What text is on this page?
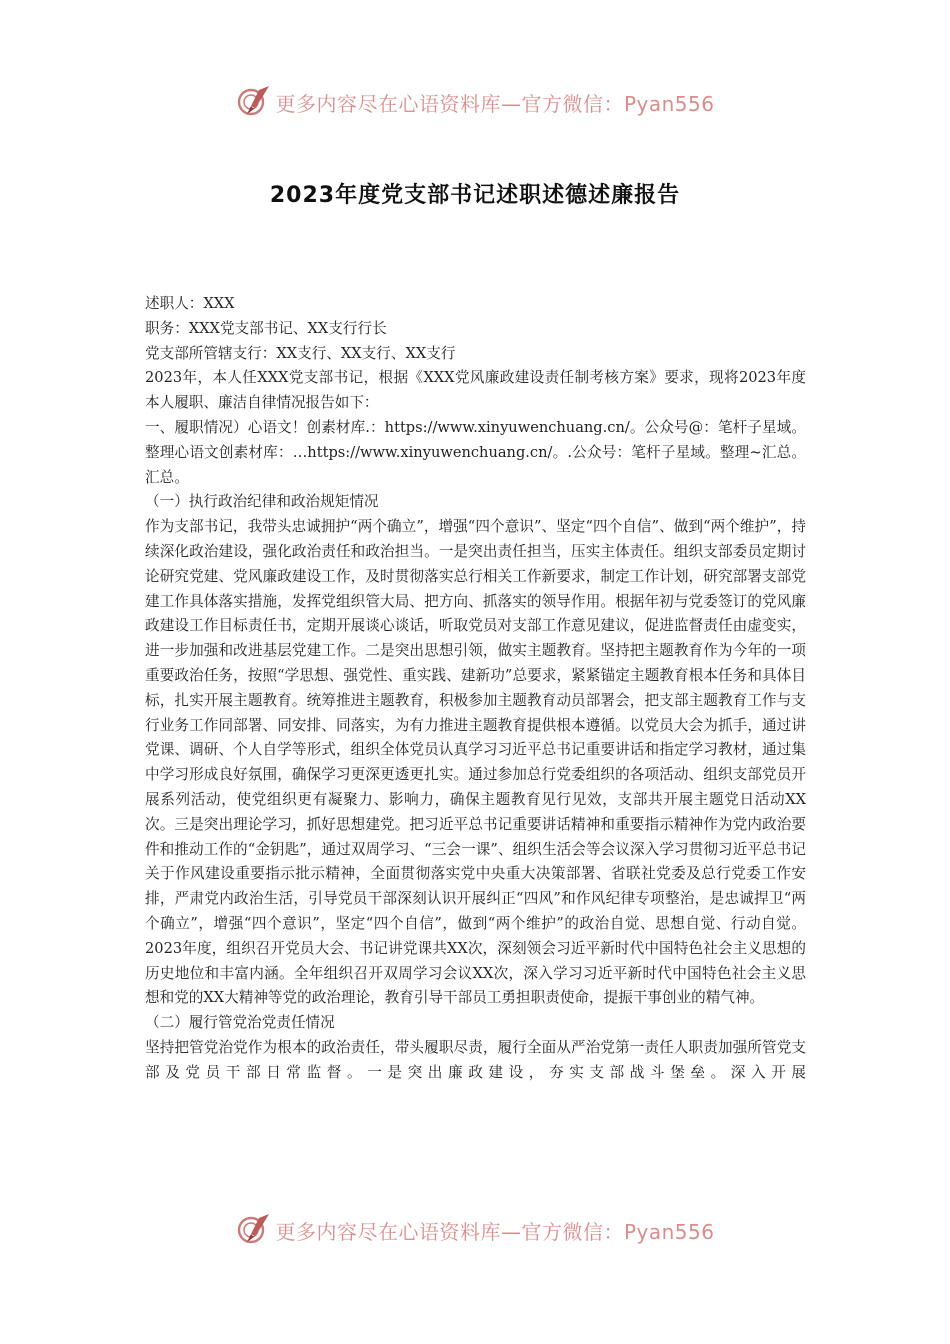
更多内容尽在心语资料库—官方微信：Pyan556
2023年度党支部书记述职述德述廉报告

述职人：XXX

职务：XXX党支部书记、XX支行行长

党支部所管辖支行：XX支行、XX支行、XX支行

2023年，本人任XXX党支部书记，根据《XXX党风廉政建设责任制考核方案》要求，现将2023年度本人履职、廉洁自律情况报告如下：

一、履职情况）心语文！创素材库.：https://www.xinyuwenchuang.cn/。公众号@：笔杆子星域。整理心语文创素材库：…https://www.xinyuwenchuang.cn/。.公众号：笔杆子星域。整理~汇总。汇总。

（一）执行政治纪律和政治规矩情况

作为支部书记，我带头忠诚拥护“两个确立”，增强“四个意识”、坚定“四个自信”、做到“两个维护”，持续深化政治建设，强化政治责任和政治担当。一是突出责任担当，压实主体责任。组织支部委员定期讨论研究党建、党风廉政建设工作，及时贯彻落实总行相关工作新要求，制定工作计划，研究部署支部党建工作具体落实措施，发挥党组织管大局、把方向、抓落实的领导作用。根据年初与党委签订的党风廉政建设工作目标责任书，定期开展谈心谈话，听取党员对支部工作意见建议，促进监督责任由虚变实，进一步加强和改进基层党建工作。二是突出思想引领，做实主题教育。坚持把主题教育作为今年的一项重要政治任务，按照“学思想、强党性、重实践、建新功”总要求，紧紧锚定主题教育根本任务和具体目标，扎实开展主题教育。统筹推进主题教育，积极参加主题教育动员部署会，把支部主题教育工作与支行业务工作同部署、同安排、同落实，为有力推进主题教育提供根本遵循。以党员大会为抓手，通过讲党课、调研、个人自学等形式，组织全体党员认真学习习近平总书记重要讲话和指定学习教材，通过集中学习形成良好氛围，确保学习更深更透更扎实。通过参加总行党委组织的各项活动、组织支部党员开展系列活动，使党组织更有凝聚力、影响力，确保主题教育见行见效，支部共开展主题党日活动XX次。三是突出理论学习，抓好思想建党。把习近平总书记重要讲话精神和重要指示精神作为党内政治要件和推动工作的“金钥匙”，通过双周学习、“三会一课”、组织生活会等会议深入学习贯彻习近平总书记关于作风建设重要指示批示精神，全面贯彻落实党中央重大决策部署、省联社党委及总行党委工作安排，严肃党内政治生活，引导党员干部深刻认识开展纠正“四风”和作风纪律专项整治，是忠诚捍卫“两个确立”，增强“四个意识”，坚定“四个自信”，做到“两个维护”的政治自觉、思想自觉、行动自觉。2023年度，组织召开党员大会、书记讲党课共XX次，深刻领会习近平新时代中国特色社会主义思想的历史地位和丰富内涵。全年组织召开双周学习会议XX次，深入学习习近平新时代中国特色社会主义思想和党的XX大精神等党的政治理论，教育引导干部员工勇担职责使命，提振干事创业的精气神。

（二）履行管党治党责任情况

坚持把管党治党作为根本的政治责任，带头履职尽责，履行全面从严治党第一责任人职责加强所管党支部及党员干部日常监督。一是突出廉政建设，夯实支部战斗堡垒。深入开展

更多内容尽在心语资料库—官方微信：Pyan556
